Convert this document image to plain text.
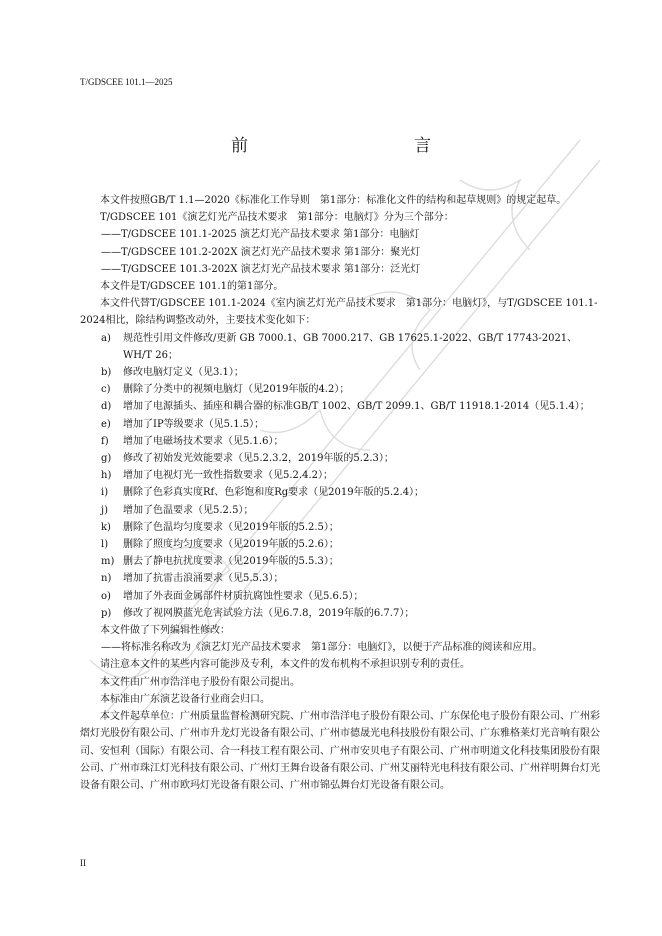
T/GDSCEE 101.1—2025
前　　言

本文件按照GB/T 1.1—2020《标准化工作导则　第1部分：标准化文件的结构和起草规则》的规定起草。

T/GDSCEE 101《演艺灯光产品技术要求　第1部分：电脑灯》分为三个部分：

——T/GDSCEE 101.1-2025 演艺灯光产品技术要求 第1部分：电脑灯

——T/GDSCEE 101.2-202X 演艺灯光产品技术要求 第1部分：聚光灯

——T/GDSCEE 101.3-202X 演艺灯光产品技术要求 第1部分：泛光灯

本文件是T/GDSCEE 101.1的第1部分。

本文件代替T/GDSCEE 101.1-2024《室内演艺灯光产品技术要求　第1部分：电脑灯》，与T/GDSCEE 101.1-2024相比，除结构调整改动外，主要技术变化如下：

a)	规范性引用文件修改/更新 GB 7000.1、GB 7000.217、GB 17625.1-2022、GB/T 17743-2021、WH/T 26；
b)	修改电脑灯定义（见3.1）；
c)	删除了分类中的视频电脑灯（见2019年版的4.2）；
d)	增加了电源插头、插座和耦合器的标准GB/T 1002、GB/T 2099.1、GB/T 11918.1-2014（见5.1.4）；
e)	增加了IP等级要求（见5.1.5）；
f)	增加了电磁场技术要求（见5.1.6）；
g)	修改了初始发光效能要求（见5.2.3.2，2019年版的5.2.3）；
h)	增加了电视灯光一致性指数要求（见5.2.4.2）；
i)	删除了色彩真实度Rf、色彩饱和度Rg要求（见2019年版的5.2.4）；
j)	增加了色温要求（见5.2.5）；
k)	删除了色温均匀度要求（见2019年版的5.2.5）；
l)	删除了照度均匀度要求（见2019年版的5.2.6）；
m) 删去了静电抗扰度要求（见2019年版的5.5.3）；
n)	增加了抗雷击浪涌要求（见5.5.3）；
o)	增加了外表面金属部件材质抗腐蚀性要求（见5.6.5）；
p)	修改了视网膜蓝光危害试验方法（见6.7.8，2019年版的6.7.7）；

本文件做了下列编辑性修改：

——将标准名称改为《演艺灯光产品技术要求　第1部分：电脑灯》，以便于产品标准的阅读和应用。

请注意本文件的某些内容可能涉及专利，本文件的发布机构不承担识别专利的责任。

本文件由广州市浩洋电子股份有限公司提出。

本标准由广东演艺设备行业商会归口。

本文件起草单位：广州质量监督检测研究院、广州市浩洋电子股份有限公司、广东保伦电子股份有限公司、广州彩熠灯光股份有限公司、广州市升龙灯光设备有限公司、广州市德晟光电科技股份有限公司、广东雅格莱灯光音响有限公司、安恒利（国际）有限公司、合一科技工程有限公司、广州市安贝电子有限公司、广州市明道文化科技集团股份有限公司、广州市珠江灯光科技有限公司、广州灯王舞台设备有限公司、广州艾丽特光电科技有限公司、广州祥明舞台灯光设备有限公司、广州市欧玛灯光设备有限公司、广州市锦弘舞台灯光设备有限公司。

II
